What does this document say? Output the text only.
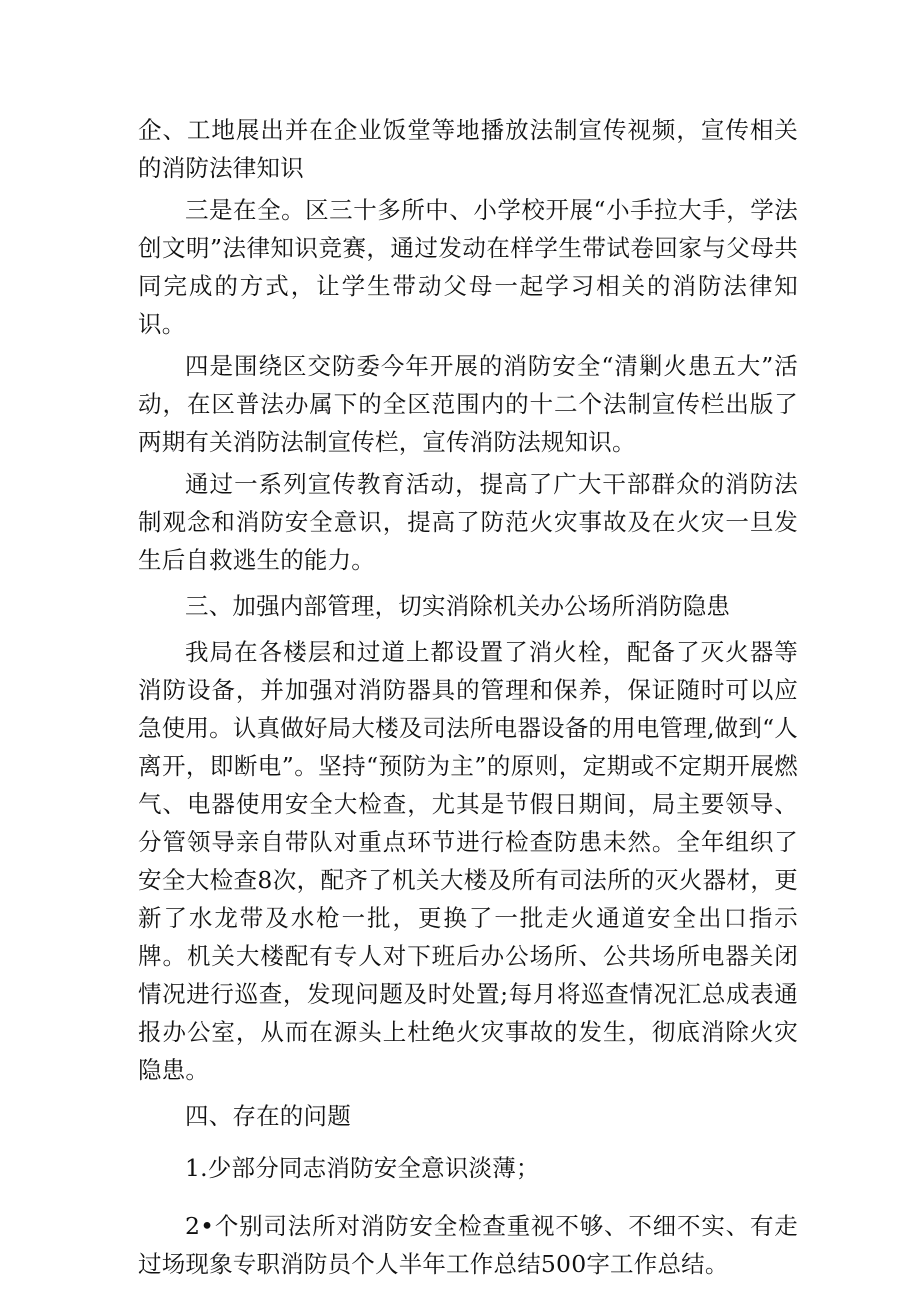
企、工地展出并在企业饭堂等地播放法制宣传视频，宣传相关的消防法律知识

三是在全。区三十多所中、小学校开展“小手拉大手，学法创文明”法律知识竞赛，通过发动在样学生带试卷回家与父母共同完成的方式，让学生带动父母一起学习相关的消防法律知识。

四是围绕区交防委今年开展的消防安全“清剿火患五大”活动，在区普法办属下的全区范围内的十二个法制宣传栏出版了两期有关消防法制宣传栏，宣传消防法规知识。

通过一系列宣传教育活动，提高了广大干部群众的消防法制观念和消防安全意识，提高了防范火灾事故及在火灾一旦发生后自救逃生的能力。

三、加强内部管理，切实消除机关办公场所消防隐患

我局在各楼层和过道上都设置了消火栓，配备了灭火器等消防设备，并加强对消防器具的管理和保养，保证随时可以应急使用。认真做好局大楼及司法所电器设备的用电管理,做到“人离开，即断电”。坚持“预防为主”的原则，定期或不定期开展燃气、电器使用安全大检查，尤其是节假日期间，局主要领导、分管领导亲自带队对重点环节进行检查防患未然。全年组织了安全大检查8次，配齐了机关大楼及所有司法所的灭火器材，更新了水龙带及水枪一批，更换了一批走火通道安全出口指示牌。机关大楼配有专人对下班后办公场所、公共场所电器关闭情况进行巡查，发现问题及时处置;每月将巡查情况汇总成表通报办公室，从而在源头上杜绝火灾事故的发生，彻底消除火灾隐患。

四、存在的问题

1.少部分同志消防安全意识淡薄；

2•个别司法所对消防安全检查重视不够、不细不实、有走过场现象专职消防员个人半年工作总结500字工作总结。
